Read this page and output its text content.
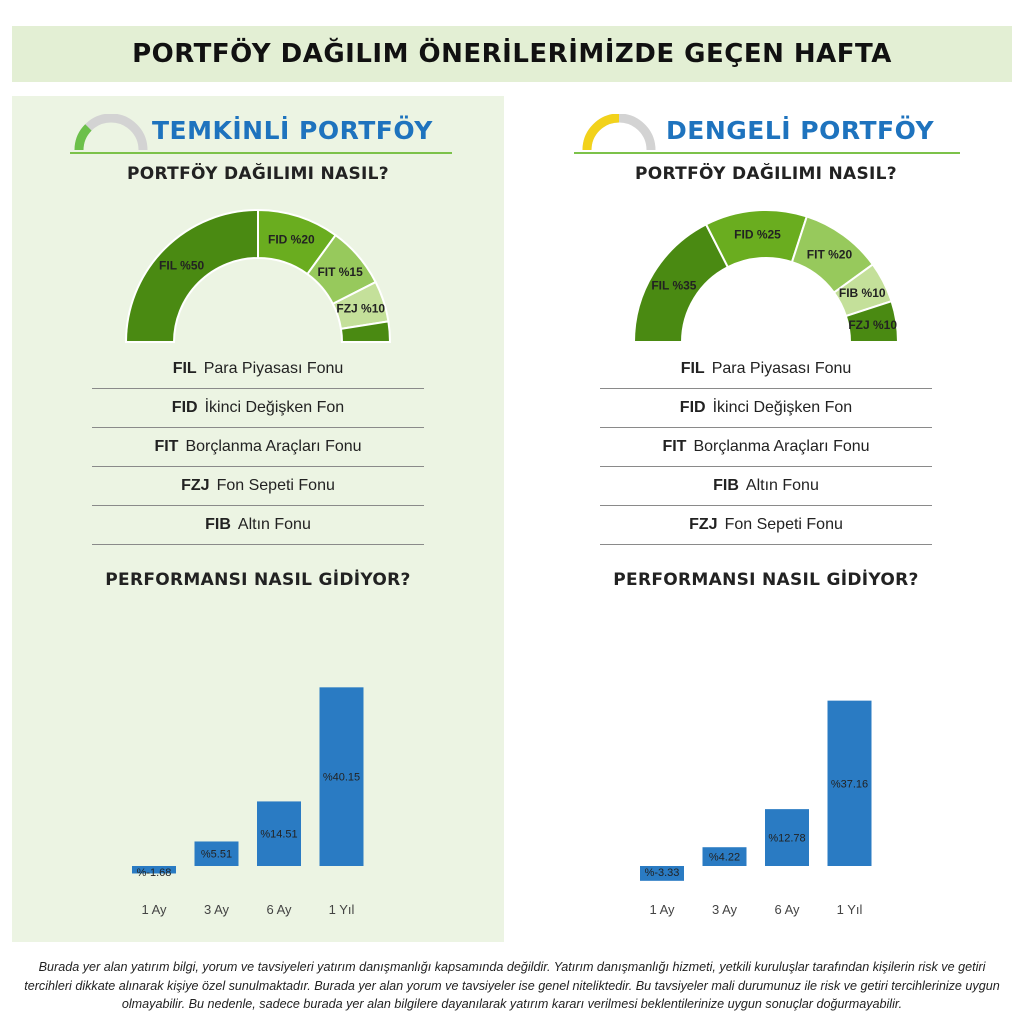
PORTFÖY DAĞILIM ÖNERİLERİMİZDE GEÇEN HAFTA
TEMKİNLİ PORTFÖY
PORTFÖY DAĞILIMI NASIL?
FIL %50
FID %20
FIT %15
FZJ %10
FIL Para Piyasası Fonu
FID İkinci Değişken Fon
FIT Borçlanma Araçları Fonu
FZJ Fon Sepeti Fonu
FIB Altın Fonu
PERFORMANSI NASIL GİDİYOR?
%-1.68
1 Ay
%5.51
3 Ay
%14.51
6 Ay
%40.15
1 Yıl
DENGELİ PORTFÖY
PORTFÖY DAĞILIMI NASIL?
FIL %35
FID %25
FIT %20
FIB %10
FZJ %10
FIL Para Piyasası Fonu
FID İkinci Değişken Fon
FIT Borçlanma Araçları Fonu
FIB Altın Fonu
FZJ Fon Sepeti Fonu
PERFORMANSI NASIL GİDİYOR?
%-3.33
1 Ay
%4.22
3 Ay
%12.78
6 Ay
%37.16
1 Yıl
Burada yer alan yatırım bilgi, yorum ve tavsiyeleri yatırım danışmanlığı kapsamında değildir. Yatırım danışmanlığı hizmeti, yetkili kuruluşlar tarafından kişilerin risk ve getiri tercihleri dikkate alınarak kişiye özel sunulmaktadır. Burada yer alan yorum ve tavsiyeler ise genel niteliktedir. Bu tavsiyeler mali durumunuz ile risk ve getiri tercihlerinize uygun olmayabilir. Bu nedenle, sadece burada yer alan bilgilere dayanılarak yatırım kararı verilmesi beklentilerinize uygun sonuçlar doğurmayabilir.
